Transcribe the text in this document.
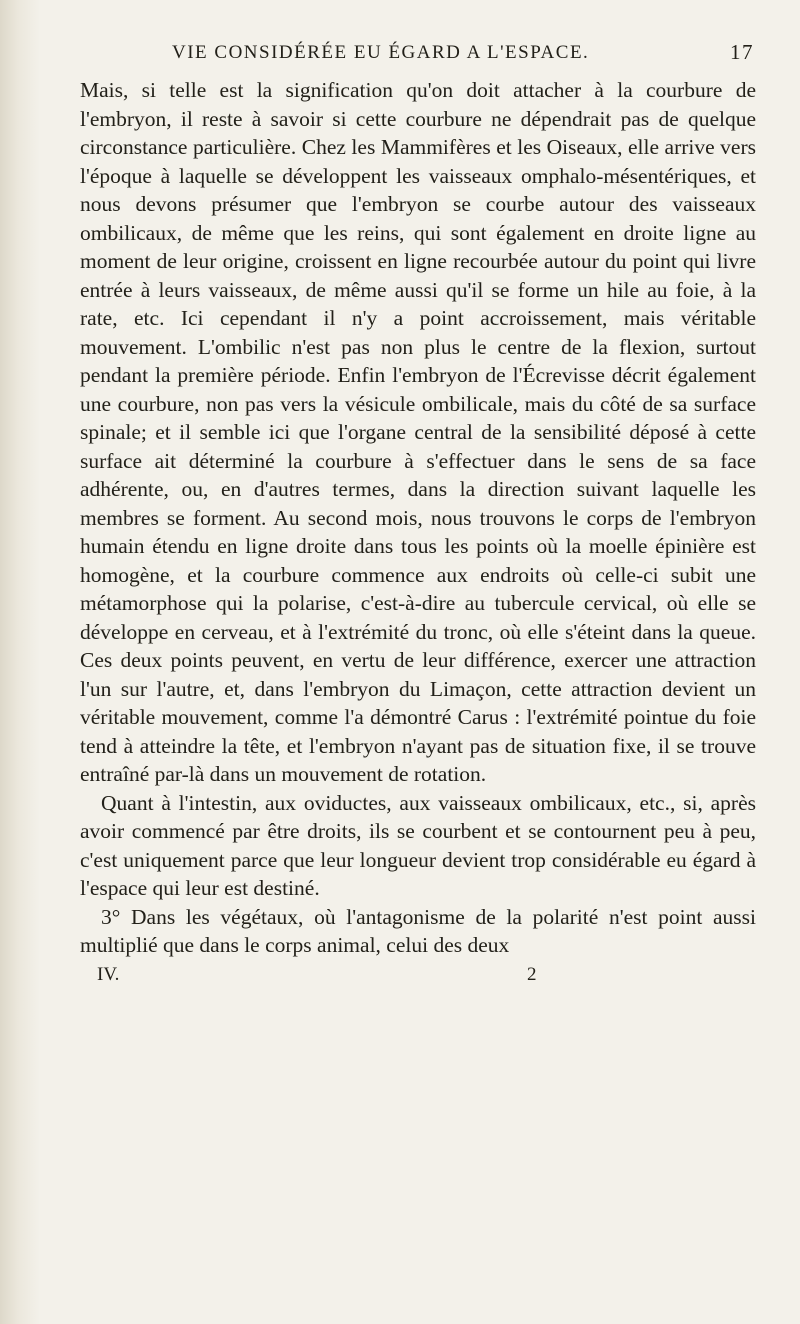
VIE CONSIDÉRÉE EU ÉGARD A L'ESPACE.	17

Mais, si telle est la signification qu'on doit attacher à la courbure de l'embryon, il reste à savoir si cette courbure ne dépendrait pas de quelque circonstance particulière. Chez les Mammifères et les Oiseaux, elle arrive vers l'époque à laquelle se développent les vaisseaux omphalo-mésentériques, et nous devons présumer que l'embryon se courbe autour des vaisseaux ombilicaux, de même que les reins, qui sont également en droite ligne au moment de leur origine, croissent en ligne recourbée autour du point qui livre entrée à leurs vaisseaux, de même aussi qu'il se forme un hile au foie, à la rate, etc. Ici cependant il n'y a point accroissement, mais véritable mouvement. L'ombilic n'est pas non plus le centre de la flexion, surtout pendant la première période. Enfin l'embryon de l'Écrevisse décrit également une courbure, non pas vers la vésicule ombilicale, mais du côté de sa surface spinale; et il semble ici que l'organe central de la sensibilité déposé à cette surface ait déterminé la courbure à s'effectuer dans le sens de sa face adhérente, ou, en d'autres termes, dans la direction suivant laquelle les membres se forment. Au second mois, nous trouvons le corps de l'embryon humain étendu en ligne droite dans tous les points où la moelle épinière est homogène, et la courbure commence aux endroits où celle-ci subit une métamorphose qui la polarise, c'est-à-dire au tubercule cervical, où elle se développe en cerveau, et à l'extrémité du tronc, où elle s'éteint dans la queue. Ces deux points peuvent, en vertu de leur différence, exercer une attraction l'un sur l'autre, et, dans l'embryon du Limaçon, cette attraction devient un véritable mouvement, comme l'a démontré Carus : l'extrémité pointue du foie tend à atteindre la tête, et l'embryon n'ayant pas de situation fixe, il se trouve entraîné par-là dans un mouvement de rotation.

Quant à l'intestin, aux oviductes, aux vaisseaux ombilicaux, etc., si, après avoir commencé par être droits, ils se courbent et se contournent peu à peu, c'est uniquement parce que leur longueur devient trop considérable eu égard à l'espace qui leur est destiné.

3° Dans les végétaux, où l'antagonisme de la polarité n'est point aussi multiplié que dans le corps animal, celui des deux

IV.	2
